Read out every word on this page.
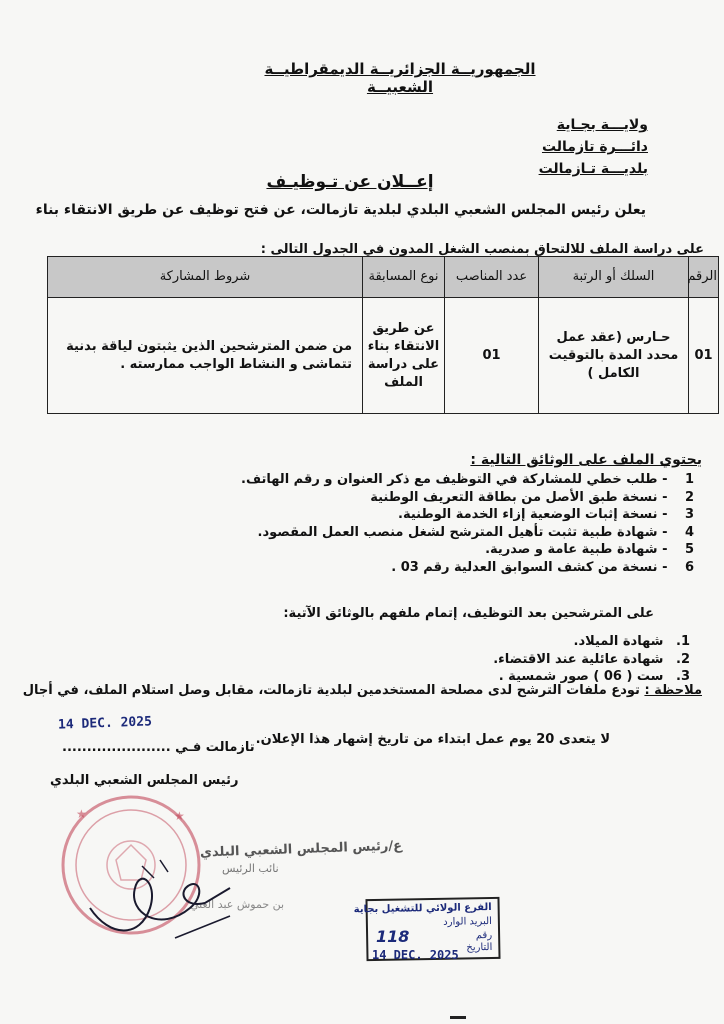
الجمهوريــة الجزائريــة الديمقراطيــة الشعبيــة
ولايـــة بجـاية
دائـــرة تازمالت
بلديـــة تـازمالت
إعــلان عن تـوظيـف
يعلن رئيس المجلس الشعبي البلدي لبلدية تازمالت، عن فتح توظيف عن طريق الانتقاء بناء
على دراسة الملف للالتحاق بمنصب الشغل المدون في الجدول التالى :
الرقم	السلك أو الرتبة	عدد المناصب	نوع المسابقة	شروط المشاركة
01	حـارس (عقد عمل محدد المدة بالتوقيت الكامل )	01	عن طريق الانتقاء بناء على دراسة الملف	من ضمن المترشحين الذين يثبتون لياقة بدنية تتماشى و النشاط الواجب ممارسته .
يحتوي الملف على الوثائق التالية :
1 - طلب خطي للمشاركة في التوظيف مع ذكر العنوان و رقم الهاتف.
2 - نسخة طبق الأصل من بطاقة التعريف الوطنية
3 - نسخة إثبات الوضعية إزاء الخدمة الوطنية.
4 - شهادة طبية تثبت تأهيل المترشح لشغل منصب العمل المقصود.
5 - شهادة طبية عامة و صدرية.
6 - نسخة من كشف السوابق العدلية رقم 03 .
على المترشحين بعد التوظيف، إتمام ملفهم بالوثائق الآتية:
1. شهادة الميلاد.
2. شهادة عائلية عند الاقتضاء.
3. ست ( 06 ) صور شمسية .
ملاحظة : تودع ملفات الترشح لدى مصلحة المستخدمين لبلدية تازمالت، مقابل وصل استلام الملف، في أجال
لا يتعدى 20 يوم عمل ابتداء من تاريخ إشهار هذا الإعلان.
14 DEC. 2025
تازمالت فـي ......................
رئيس المجلس الشعبي البلدي
★	★
ع/رئيس المجلس الشعبي البلدي
نائب الرئيس
بن حموش عبد الغني	الفرع الولائي للتشغيل بجاية
البريد الوارد
رقم
التاريخ
118
14 DEC. 2025
